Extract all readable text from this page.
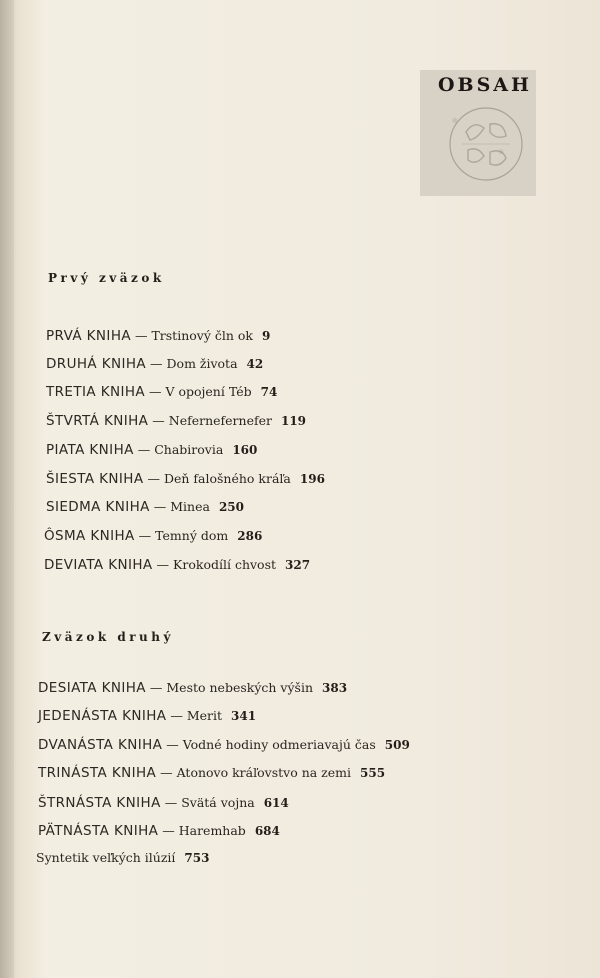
OBSAH
Prvý zväzok
PRVÁ KNIHA — Trstinový čln ok 9
DRUHÁ KNIHA — Dom života 42
TRETIA KNIHA — V opojení Téb 74
ŠTVRTÁ KNIHA — Nefernefernefer 119
PIATA KNIHA — Chabirovia 160
ŠIESTA KNIHA — Deň falošného kráľa 196
SIEDMA KNIHA — Minea 250
ÔSMA KNIHA — Temný dom 286
DEVIATA KNIHA — Krokodílí chvost 327
Zväzok druhý
DESIATA KNIHA — Mesto nebeských výšin 383
JEDENÁSTA KNIHA — Merit 341
DVANÁSTA KNIHA — Vodné hodiny odmeriavajú čas 509
TRINÁSTA KNIHA — Atonovo kráľovstvo na zemi 555
ŠTRNÁSTA KNIHA — Svätá vojna 614
PÄTNÁSTA KNIHA — Haremhab 684
Syntetik veľkých ilúzií 753
